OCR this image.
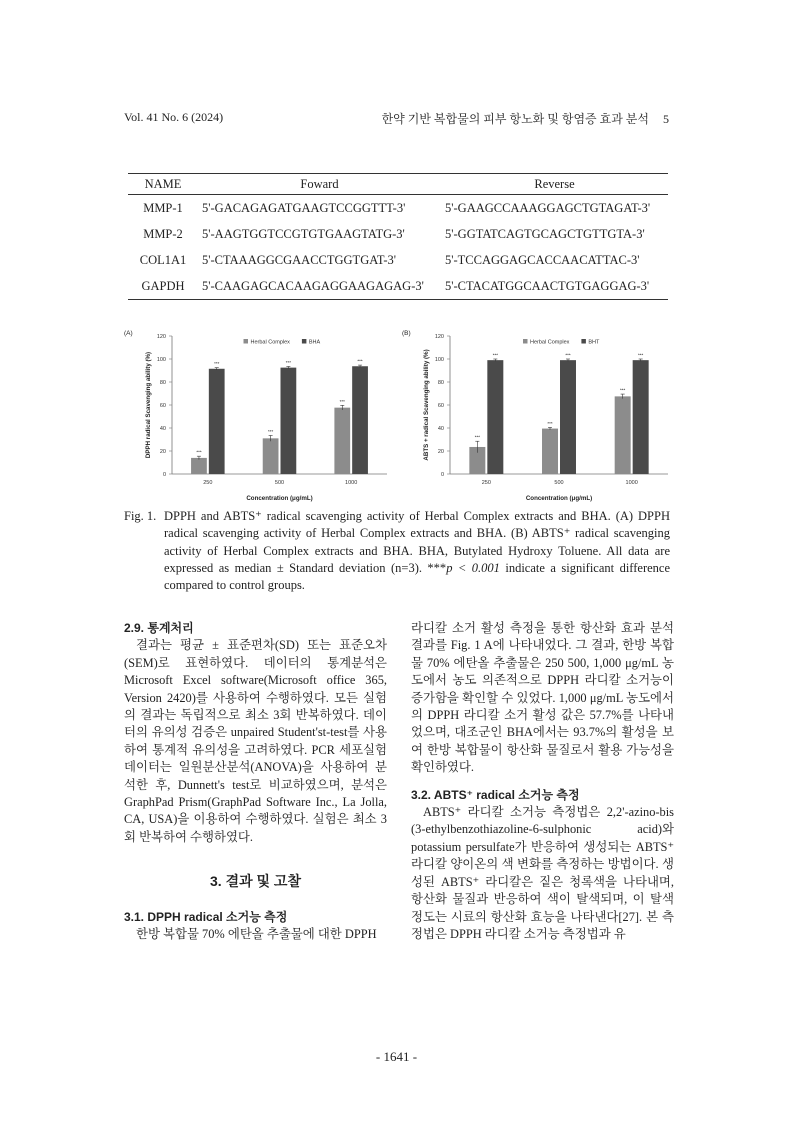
Vol. 41 No. 6 (2024)	한약 기반 복합물의 피부 항노화 및 항염증 효과 분석 5
NAME	Foward	Reverse
MMP-1	5'-GACAGAGATGAAGTCCGGTTT-3'	5'-GAAGCCAAAGGAGCTGTAGAT-3'
MMP-2	5'-AAGTGGTCCGTGTGAAGTATG-3'	5'-GGTATCAGTGCAGCTGTTGTA-3'
COL1A1	5'-CTAAAGGCGAACCTGGTGAT-3'	5'-TCCAGGAGCACCAACATTAC-3'
GAPDH	5'-CAAGAGCACAAGAGGAAGAGAG-3'	5'-CTACATGGCAACTGTGAGGAG-3'
(A)
0
20
40
60
80
100
120
DPPH radical Scavenging ability (%)
250
***
***
500
***
***
1000
***
***
Concentration (μg/mL)
Herbal Complex	BHA
(B)
0
20
40
60
80
100
120
ABTS + radical Scavenging ability (%)
250
***
***
500
***
***
1000
***
***
Concentration (μg/mL)
Herbal Complex	BHT
Fig. 1. DPPH and ABTS⁺ radical scavenging activity of Herbal Complex extracts and BHA. (A) DPPH radical scavenging activity of Herbal Complex extracts and BHA. (B) ABTS⁺ radical scavenging activity of Herbal Complex extracts and BHA. BHA, Butylated Hydroxy Toluene. All data are expressed as median ± Standard deviation (n=3). ***p < 0.001 indicate a significant difference compared to control groups.
2.9. 통계처리

결과는 평균 ± 표준편차(SD) 또는 표준오차(SEM)로 표현하였다. 데이터의 통계분석은 Microsoft Excel software(Microsoft office 365, Version 2420)를 사용하여 수행하였다. 모든 실험의 결과는 독립적으로 최소 3회 반복하였다. 데이터의 유의성 검증은 unpaired Student'st-test를 사용하여 통계적 유의성을 고려하였다. PCR 세포실험 데이터는 일원분산분석(ANOVA)을 사용하여 분석한 후, Dunnett's test로 비교하였으며, 분석은 GraphPad Prism(GraphPad Software Inc., La Jolla, CA, USA)을 이용하여 수행하였다. 실험은 최소 3회 반복하여 수행하였다.

3. 결과 및 고찰
3.1. DPPH radical 소거능 측정

한방 복합물 70% 에탄올 추출물에 대한 DPPH

라디칼 소거 활성 측정을 통한 항산화 효과 분석 결과를 Fig. 1 A에 나타내었다. 그 결과, 한방 복합물 70% 에탄올 추출물은 250 500, 1,000 μg/mL 농도에서 농도 의존적으로 DPPH 라디칼 소거능이 증가함을 확인할 수 있었다. 1,000 μg/mL 농도에서의 DPPH 라디칼 소거 활성 값은 57.7%를 나타내었으며, 대조군인 BHA에서는 93.7%의 활성을 보여 한방 복합물이 항산화 물질로서 활용 가능성을 확인하였다.

3.2. ABTS⁺ radical 소거능 측정

ABTS⁺ 라디칼 소거능 측정법은 2,2'-azino-bis (3-ethylbenzothiazoline-6-sulphonic acid)와 potassium persulfate가 반응하여 생성되는 ABTS⁺ 라디칼 양이온의 색 변화를 측정하는 방법이다. 생성된 ABTS⁺ 라디칼은 짙은 청록색을 나타내며, 항산화 물질과 반응하여 색이 탈색되며, 이 탈색 정도는 시료의 항산화 효능을 나타낸다[27]. 본 측정법은 DPPH 라디칼 소거능 측정법과 유

- 1641 -
